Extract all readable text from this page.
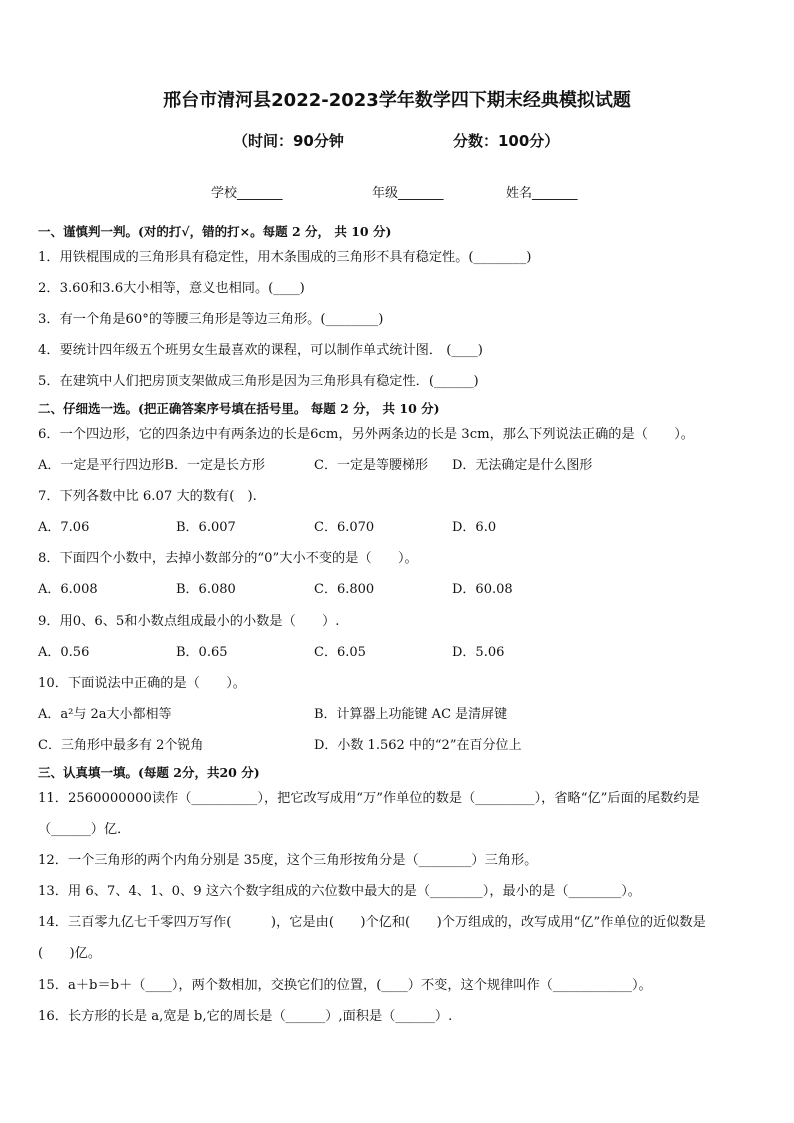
邢台市清河县2022-2023学年数学四下期末经典模拟试题
（时间：90分钟	分数：100分）
学校_______	年级_______	姓名_______
一、谨慎判一判。(对的打√，错的打×。每题 2 分， 共 10 分)
1．用铁棍围成的三角形具有稳定性，用木条围成的三角形不具有稳定性。(________)
2．3.60和3.6大小相等，意义也相同。(____)
3．有一个角是60°的等腰三角形是等边三角形。(________)
4．要统计四年级五个班男女生最喜欢的课程，可以制作单式统计图． (____)
5．在建筑中人们把房顶支架做成三角形是因为三角形具有稳定性．(______)
二、仔细选一选。(把正确答案序号填在括号里。 每题 2 分， 共 10 分)
6．一个四边形，它的四条边中有两条边的长是6cm，另外两条边的长是 3cm，那么下列说法正确的是（　　）。
A．一定是平行四边形B．一定是长方形	C．一定是等腰梯形 D．无法确定是什么图形
7．下列各数中比 6.07 大的数有(　).
A．7.06	B．6.007	C．6.070	D．6.0
8．下面四个小数中，去掉小数部分的“0”大小不变的是（　　）。
A．6.008	B．6.080	C．6.800	D．60.08
9．用0、6、5和小数点组成最小的小数是（　　）.
A．0.56	B．0.65	C．6.05	D．5.06
10．下面说法中正确的是（　　）。
A．a²与 2a大小都相等	B．计算器上功能键 AC 是清屏键
C．三角形中最多有 2个锐角	D．小数 1.562 中的“2”在百分位上
三、认真填一填。(每题 2分，共20 分)
11．2560000000读作（__________），把它改写成用“万”作单位的数是（_________），省略“亿”后面的尾数约是
（______）亿．
12．一个三角形的两个内角分别是 35度，这个三角形按角分是（________）三角形。
13．用 6、7、4、1、0、9 这六个数字组成的六位数中最大的是（________），最小的是（________）。
14．三百零九亿七千零四万写作(　　　)，它是由(　　)个亿和(　　)个万组成的，改写成用“亿”作单位的近似数是
(　　)亿。
15．a＋b＝b＋（____），两个数相加，交换它们的位置，(____）不变，这个规律叫作（____________）。
16．长方形的长是 a,宽是 b,它的周长是（______）,面积是（______）.
